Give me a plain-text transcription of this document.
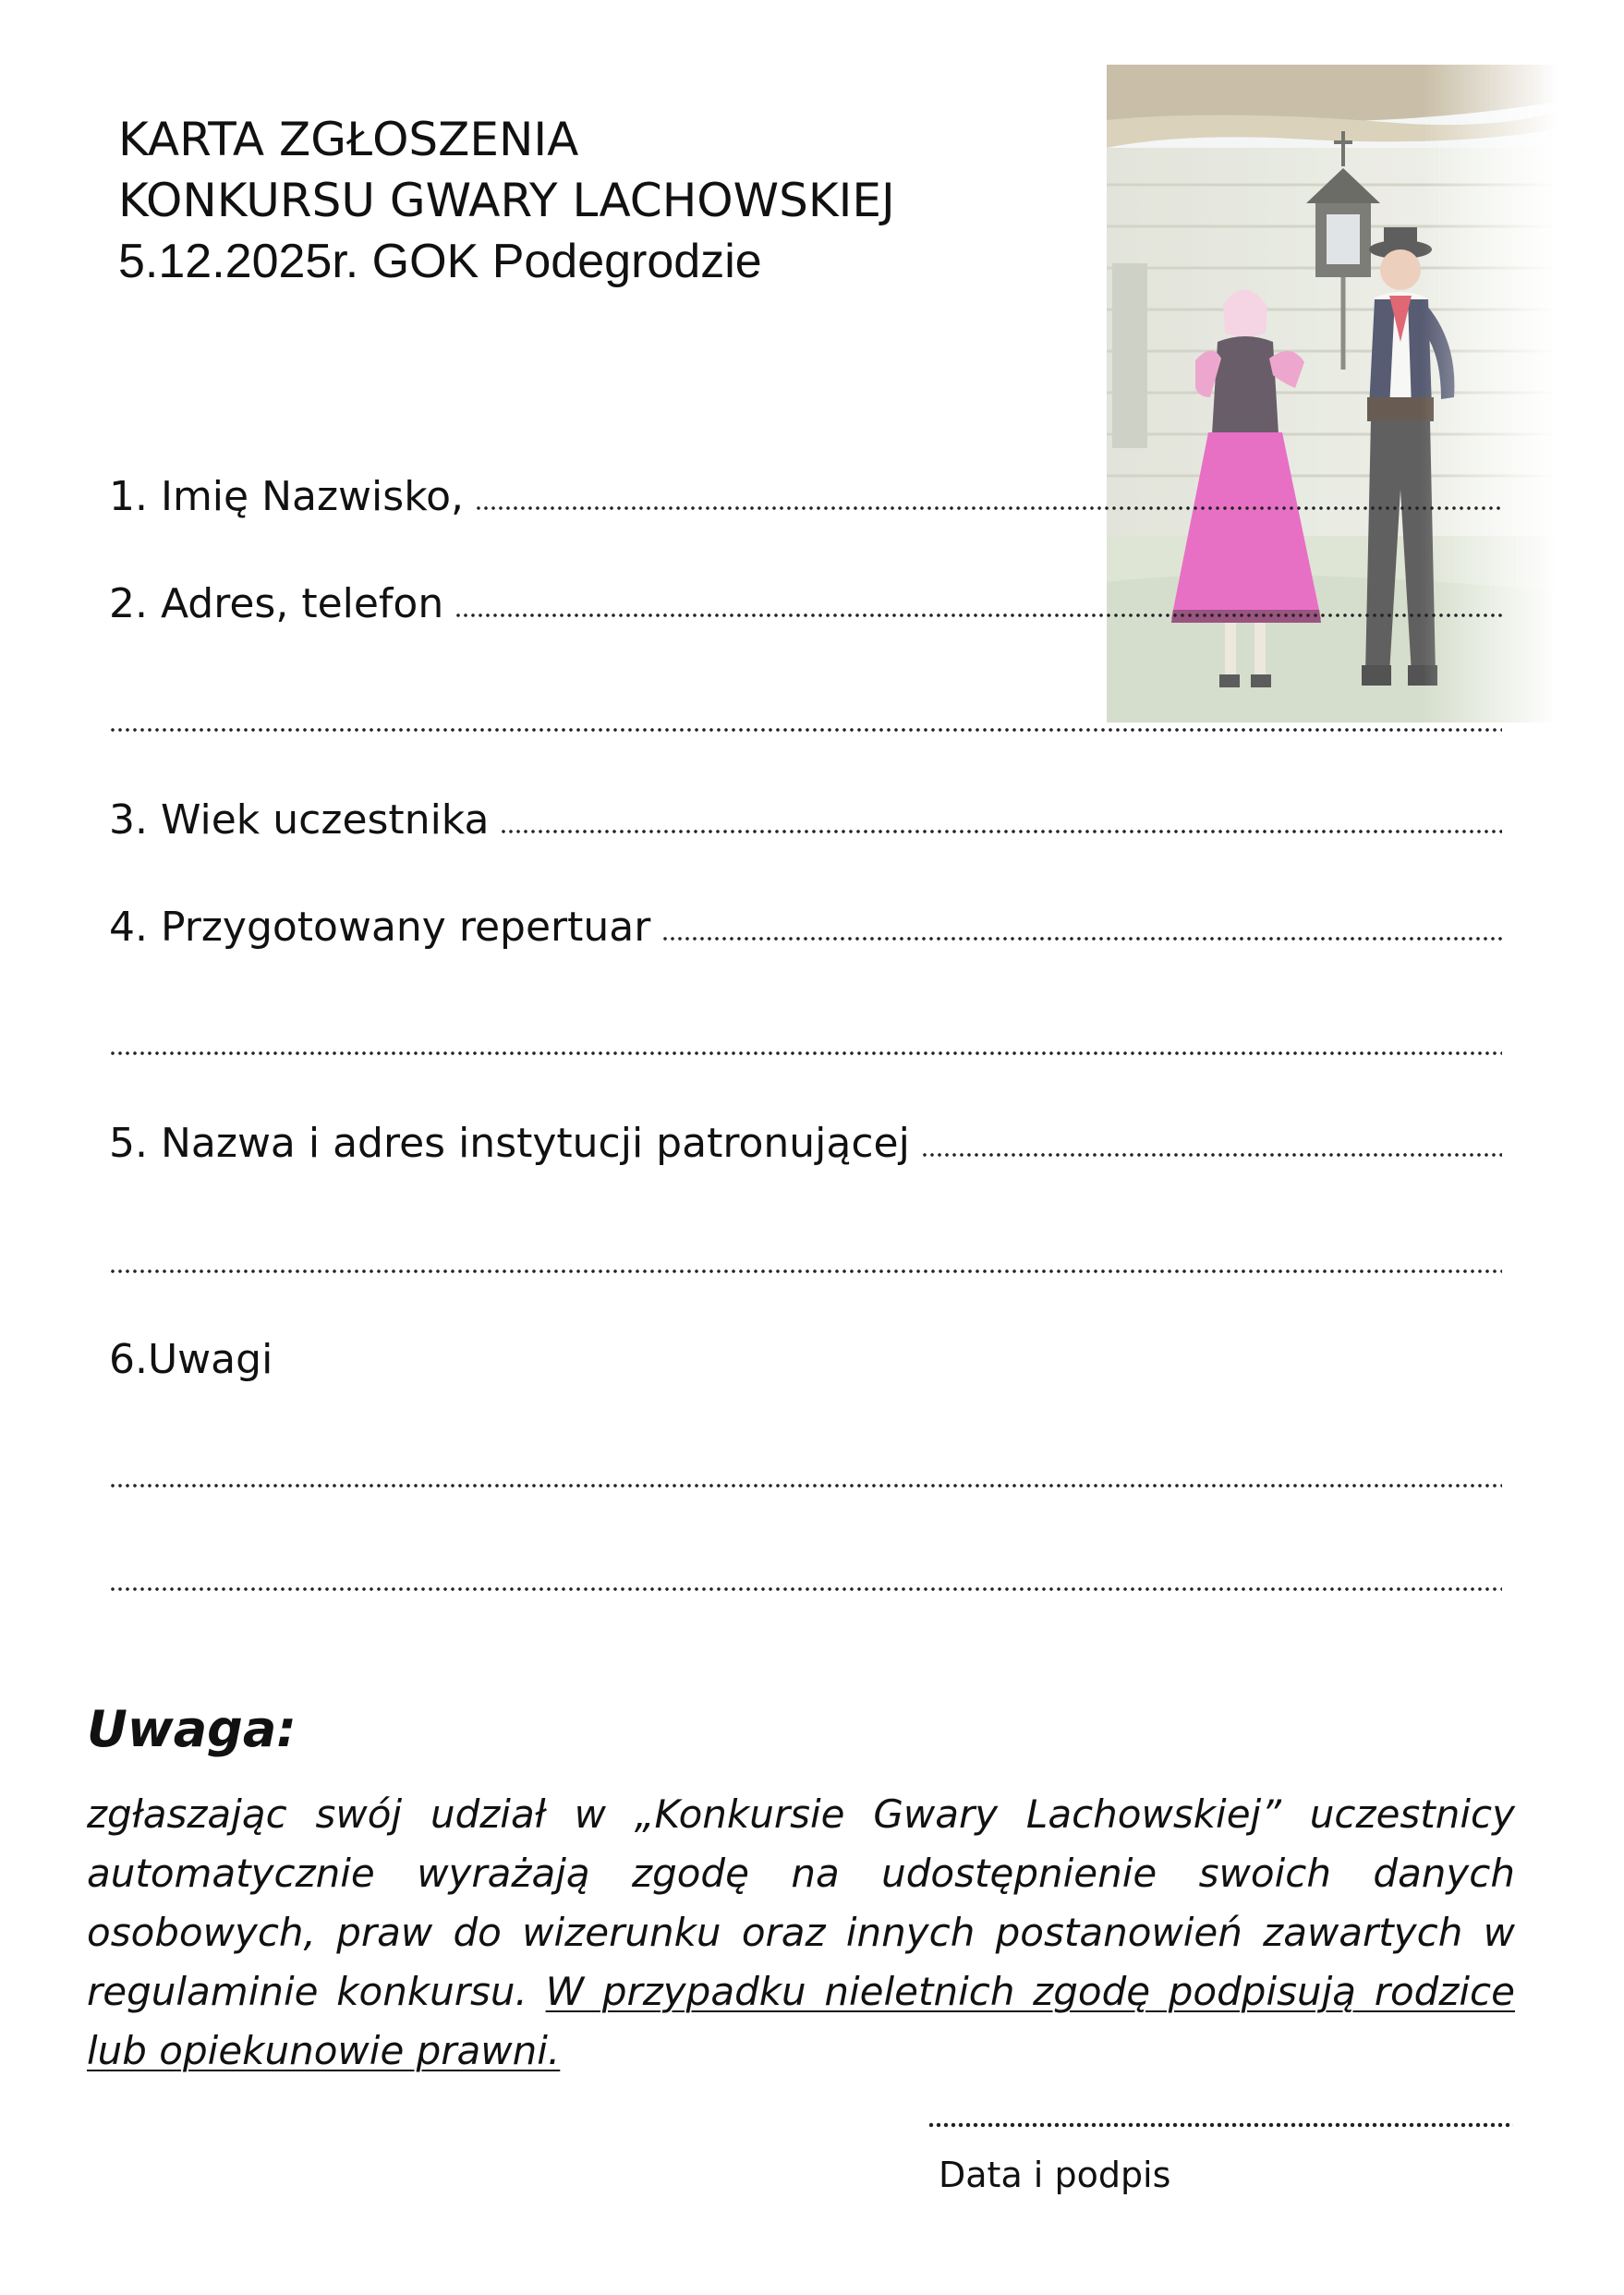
KARTA ZGŁOSZENIA
KONKURSU GWARY LACHOWSKIEJ
5.12.2025r. GOK Podegrodzie
1. Imię Nazwisko,
2. Adres, telefon
3. Wiek uczestnika
4. Przygotowany repertuar
5. Nazwa i adres instytucji patronującej
6.Uwagi
Uwaga:

zgłaszając swój udział w „Konkursie Gwary Lachowskiej” uczestnicy automatycznie wyrażają zgodę na udostępnienie swoich danych osobowych, praw do wizerunku oraz innych postanowień zawartych w regulaminie konkursu. W przypadku nieletnich zgodę podpisują rodzice lub opiekunowie prawni.

Data i podpis
